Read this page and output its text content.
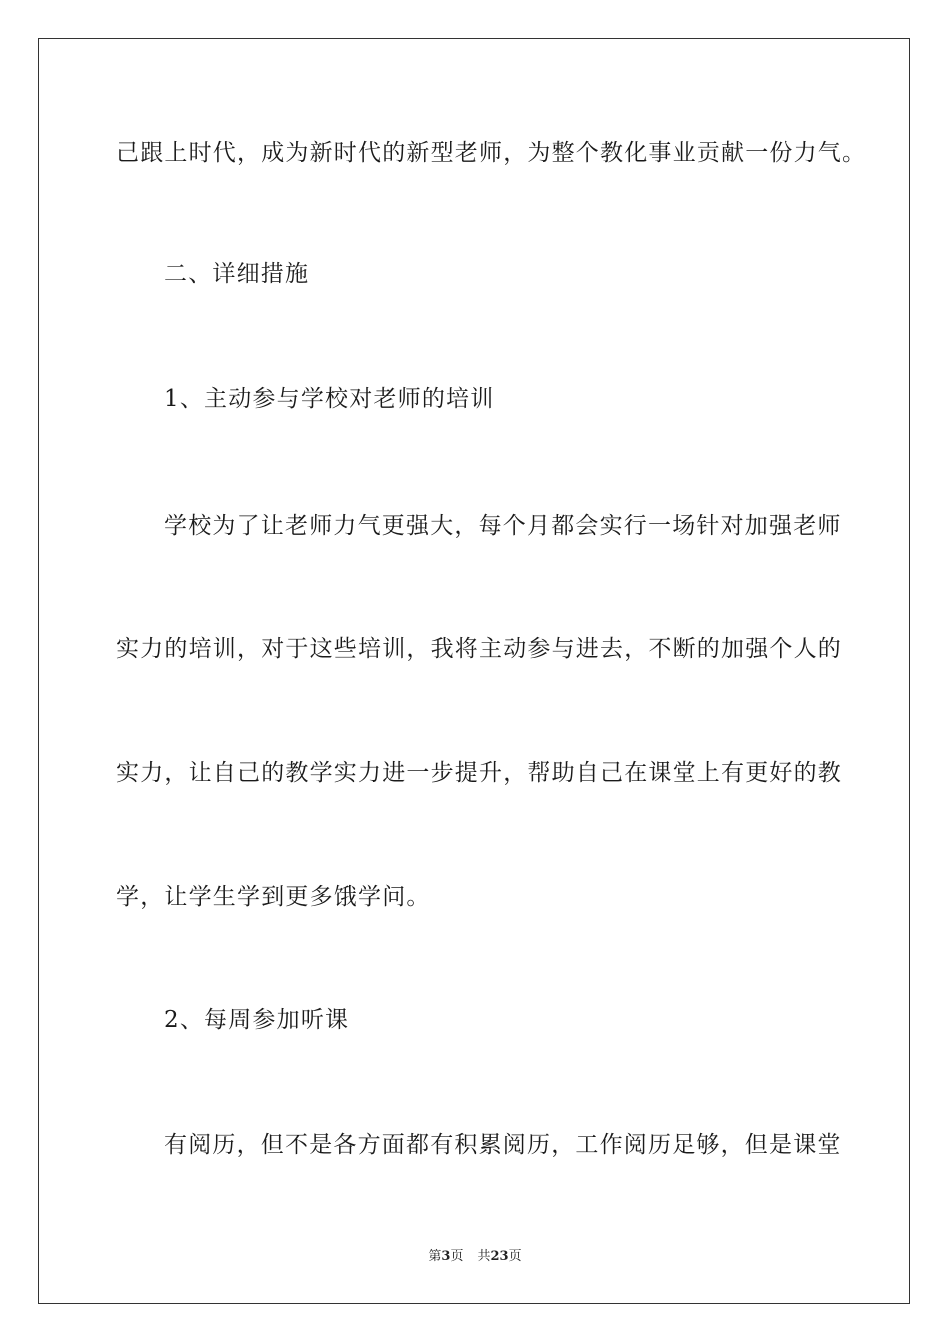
己跟上时代，成为新时代的新型老师，为整个教化事业贡献一份力气。
二、详细措施
1、主动参与学校对老师的培训
学校为了让老师力气更强大，每个月都会实行一场针对加强老师
实力的培训，对于这些培训，我将主动参与进去，不断的加强个人的
实力，让自己的教学实力进一步提升，帮助自己在课堂上有更好的教
学，让学生学到更多饿学问。
2、每周参加听课
有阅历，但不是各方面都有积累阅历，工作阅历足够，但是课堂
第3页 共23页
